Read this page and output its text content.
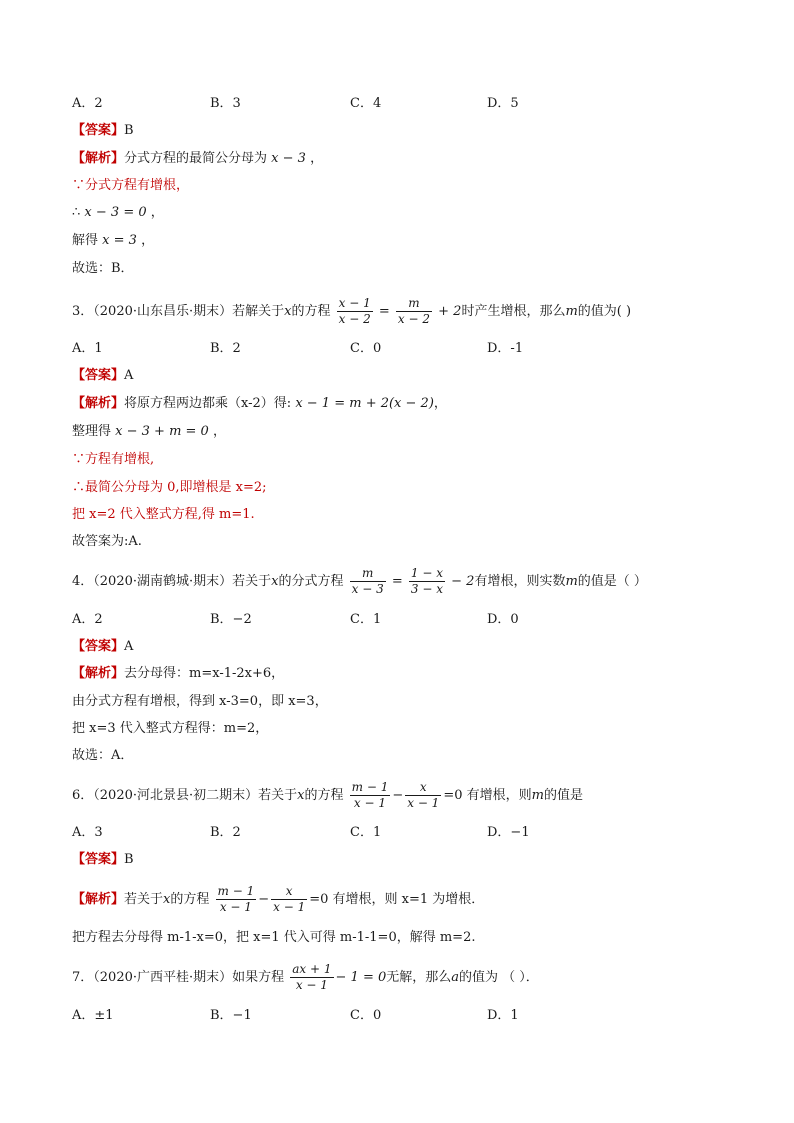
A．2	B．3	C．4	D．5
【答案】B
【解析】分式方程的最简公分母为 x − 3 ，
∵分式方程有增根，
∴ x − 3 = 0 ，
解得 x = 3 ，
故选：B．
3．（2020·山东昌乐·期末）若解关于x的方程 $\frac{x - 1}{x - 2} = \frac{m}{x - 2} + 2$时产生增根，那么m的值为( )
A．1	B．2	C．0	D．-1
【答案】A
【解析】将原方程两边都乘（x-2）得: x − 1 = m + 2(x − 2)，
整理得 x − 3 + m = 0 ，
∵方程有增根,
∴最简公分母为 0,即增根是 x=2;
把 x=2 代入整式方程,得 m=1.
故答案为:A.
4．（2020·湖南鹤城·期末）若关于x的分式方程 $\frac{m}{x - 3} = \frac{1 - x}{3 - x} - 2$有增根，则实数m的值是（ ）
A．2	B．−2	C．1	D．0
【答案】A
【解析】去分母得：m=x-1-2x+6，
由分式方程有增根，得到 x-3=0，即 x=3，
把 x=3 代入整式方程得：m=2，
故选：A．
6．（2020·河北景县·初二期末）若关于x的方程 $\frac{m - 1}{x - 1} - \frac{x}{x - 1} =0$ 有增根，则m的值是
A．3	B．2	C．1	D．−1
【答案】B
【解析】若关于x的方程 $\frac{m - 1}{x - 1} - \frac{x}{x - 1} =0$ 有增根，则 x=1 为增根．
把方程去分母得 m-1-x=0，把 x=1 代入可得 m-1-1=0，解得 m=2.
7．（2020·广西平桂·期末）如果方程 $\frac{ax + 1}{x - 1} - 1 = 0$无解，那么a的值为 （ ）．
A．±1	B．−1	C．0	D．1
